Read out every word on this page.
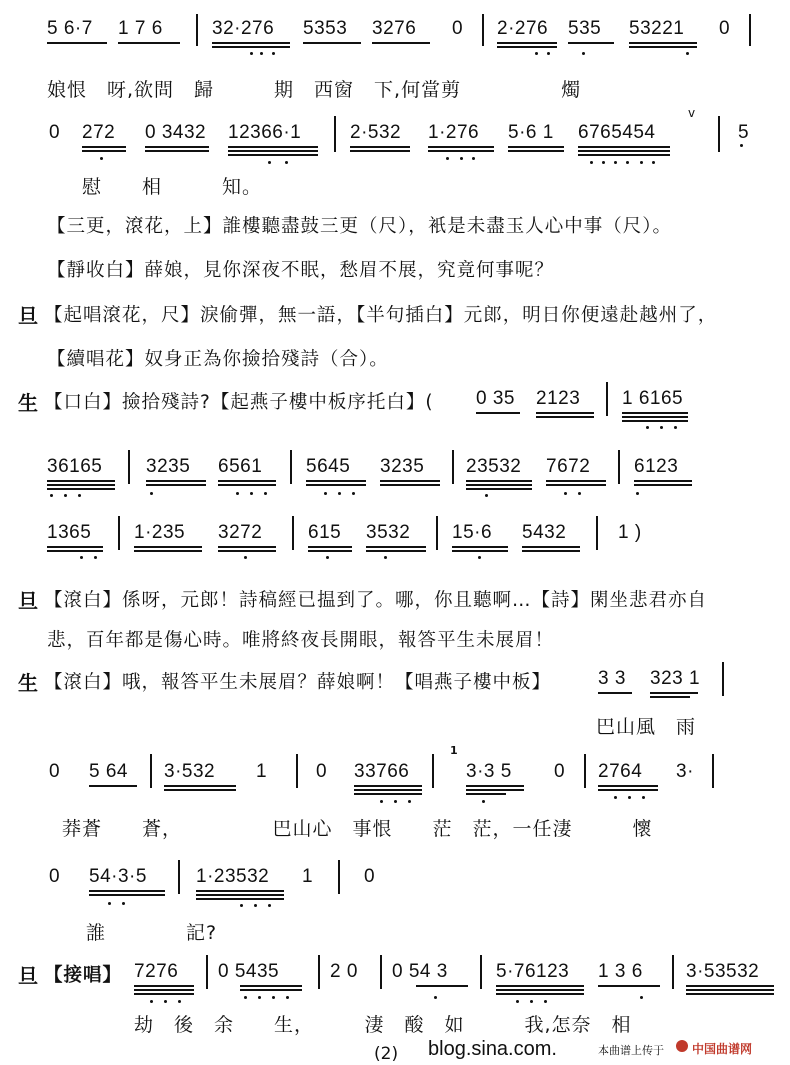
5 6·7 1 7 6	32·276 5353 3276 0 2·276 535 53221 0
娘恨　呀,欲問　歸　　　期　西窗　下,何當剪　　　　　燭
0 272 0 3432 12366·1	2·532 1·276 5·6 1 6765454
v
5
慰　　相　　　知。
【三更，滾花，上】誰樓聽盡鼓三更（尺），衹是未盡玉人心中事（尺）。
【靜收白】薛娘，見你深夜不眠，愁眉不展，究竟何事呢？
旦 【起唱滾花，尺】淚偷彈，無一語，【半句插白】元郎，明日你便遠赴越州了，
【續唱花】奴身正為你撿拾殘詩（合）。
生 【口白】撿拾殘詩?【起燕子樓中板序托白】( 0 35 2123 1 6165
36165 3235 6561 5645 3235 23532 7672 6123
1365 1·235 3272 615 3532 15·6 5432	1 )
旦 【滾白】係呀，元郎！詩稿經已揾到了。哪，你且聽啊…【詩】閑坐悲君亦自
悲，百年都是傷心時。唯將終夜長開眼，報答平生未展眉！
生 【滾白】哦，報答平生未展眉？薛娘啊！【唱燕子樓中板】 3 3 323 1
巴山風　雨
0 5 64 3·532 1	0 33766
1
3·3 5 0 2764 3·
莽蒼　　蒼，　　　　　巴山心　事恨　　茫　茫，一任淒　　　懷
0 54·3·5	1·23532 1	0
誰　　　　記?
旦 【接唱】 7276 0 5435	2 0 0 54 3	5·76123 1 3 6 3·53532
劫　後　余　　生，　　　淒　酸　如　　　我,怎奈　相
(2) blog.sina.com.	本曲谱上传于 中国曲谱网
